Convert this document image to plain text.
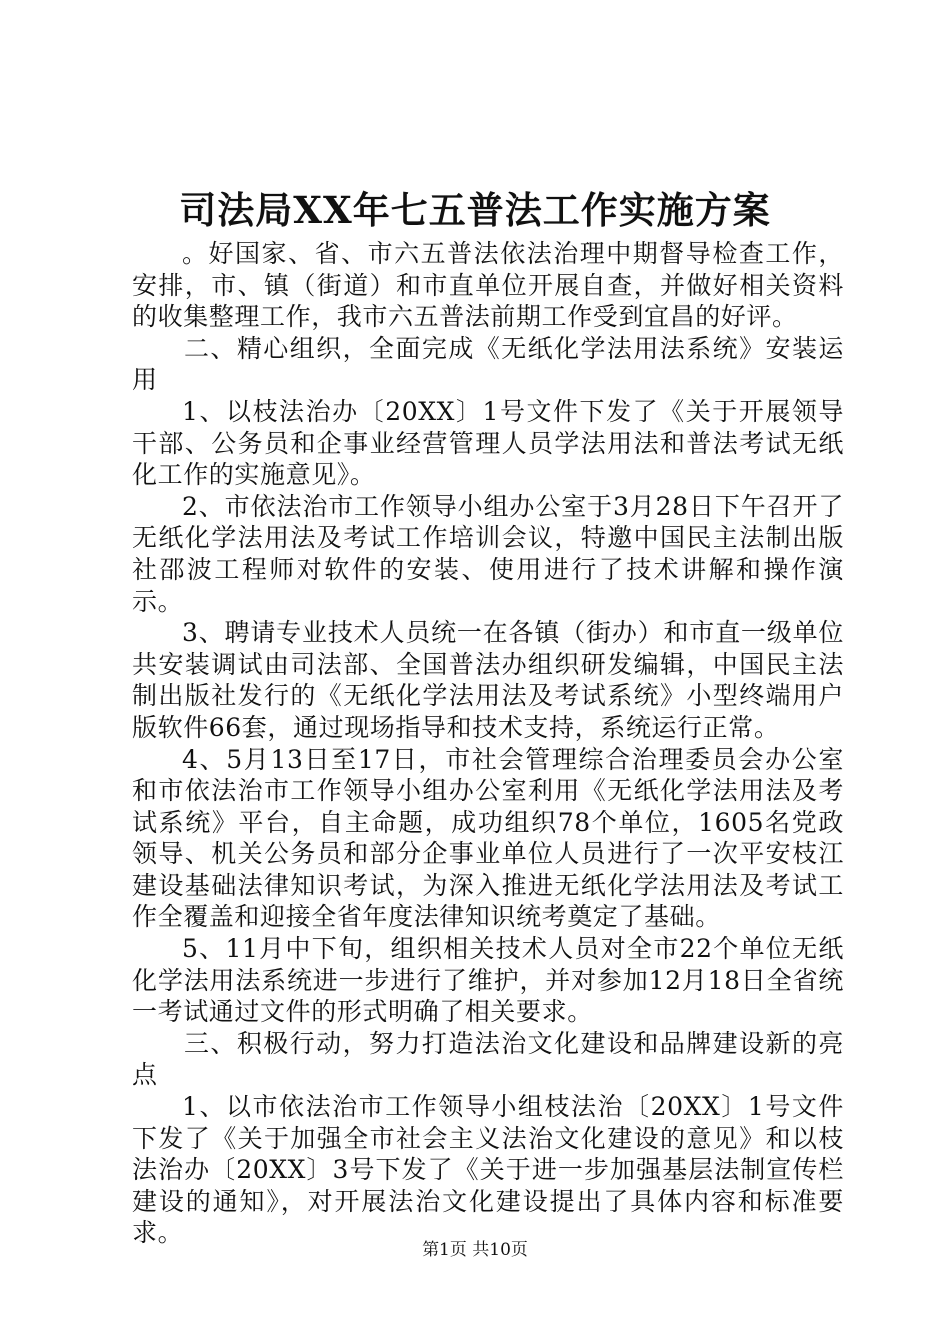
司法局XX年七五普法工作实施方案

。好国家、省、市六五普法依法治理中期督导检查工作，安排，市、镇（街道）和市直单位开展自查，并做好相关资料的收集整理工作，我市六五普法前期工作受到宜昌的好评。

二、精心组织，全面完成《无纸化学法用法系统》安装运用

1、以枝法治办〔20XX〕1号文件下发了《关于开展领导干部、公务员和企事业经营管理人员学法用法和普法考试无纸化工作的实施意见》。

2、市依法治市工作领导小组办公室于3月28日下午召开了无纸化学法用法及考试工作培训会议，特邀中国民主法制出版社邵波工程师对软件的安装、使用进行了技术讲解和操作演示。

3、聘请专业技术人员统一在各镇（街办）和市直一级单位共安装调试由司法部、全国普法办组织研发编辑，中国民主法制出版社发行的《无纸化学法用法及考试系统》小型终端用户版软件66套，通过现场指导和技术支持，系统运行正常。

4、5月13日至17日，市社会管理综合治理委员会办公室和市依法治市工作领导小组办公室利用《无纸化学法用法及考试系统》平台，自主命题，成功组织78个单位，1605名党政领导、机关公务员和部分企事业单位人员进行了一次平安枝江建设基础法律知识考试，为深入推进无纸化学法用法及考试工作全覆盖和迎接全省年度法律知识统考奠定了基础。

5、11月中下旬，组织相关技术人员对全市22个单位无纸化学法用法系统进一步进行了维护，并对参加12月18日全省统一考试通过文件的形式明确了相关要求。

三、积极行动，努力打造法治文化建设和品牌建设新的亮点

1、以市依法治市工作领导小组枝法治〔20XX〕1号文件下发了《关于加强全市社会主义法治文化建设的意见》和以枝法治办〔20XX〕3号下发了《关于进一步加强基层法制宣传栏建设的通知》，对开展法治文化建设提出了具体内容和标准要求。

第1页 共10页
